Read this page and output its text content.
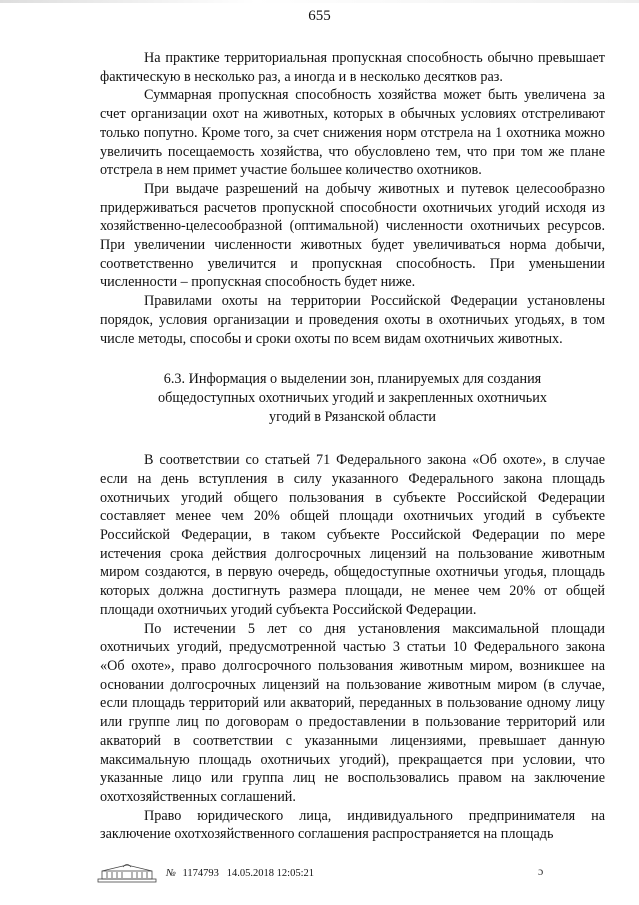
655

На практике территориальная пропускная способность обычно превышает фактическую в несколько раз, а иногда и в несколько десятков раз.

Суммарная пропускная способность хозяйства может быть увеличена за счет организации охот на животных, которых в обычных условиях отстреливают только попутно. Кроме того, за счет снижения норм отстрела на 1 охотника можно увеличить посещаемость хозяйства, что обусловлено тем, что при том же плане отстрела в нем примет участие большее количество охотников.

При выдаче разрешений на добычу животных и путевок целесообразно придерживаться расчетов пропускной способности охотничьих угодий исходя из хозяйственно-целесообразной (оптимальной) численности охотничьих ресурсов. При увеличении численности животных будет увеличиваться норма добычи, соответственно увеличится и пропускная способность. При уменьшении численности – пропускная способность будет ниже.

Правилами охоты на территории Российской Федерации установлены порядок, условия организации и проведения охоты в охотничьих угодьях, в том числе методы, способы и сроки охоты по всем видам охотничьих животных.

6.3. Информация о выделении зон, планируемых для создания
общедоступных охотничьих угодий и закрепленных охотничьих
угодий в Рязанской области

В соответствии со статьей 71 Федерального закона «Об охоте», в случае если на день вступления в силу указанного Федерального закона площадь охотничьих угодий общего пользования в субъекте Российской Федерации составляет менее чем 20% общей площади охотничьих угодий в субъекте Российской Федерации, в таком субъекте Российской Федерации по мере истечения срока действия долгосрочных лицензий на пользование животным миром создаются, в первую очередь, общедоступные охотничьи угодья, площадь которых должна достигнуть размера площади, не менее чем 20% от общей площади охотничьих угодий субъекта Российской Федерации.

По истечении 5 лет со дня установления максимальной площади охотничьих угодий, предусмотренной частью 3 статьи 10 Федерального закона «Об охоте», право долгосрочного пользования животным миром, возникшее на основании долгосрочных лицензий на пользование животным миром (в случае, если площадь территорий или акваторий, переданных в пользование одному лицу или группе лиц по договорам о предоставлении в пользование территорий или акваторий в соответствии с указанными лицензиями, превышает данную максимальную площадь охотничьих угодий), прекращается при условии, что указанные лицо или группа лиц не воспользовались правом на заключение охотхозяйственных соглашений.

Право юридического лица, индивидуального предпринимателя на заключение охотхозяйственного соглашения распространяется на площадь

№ 1174793 14.05.2018 12:05:21	ɔ
